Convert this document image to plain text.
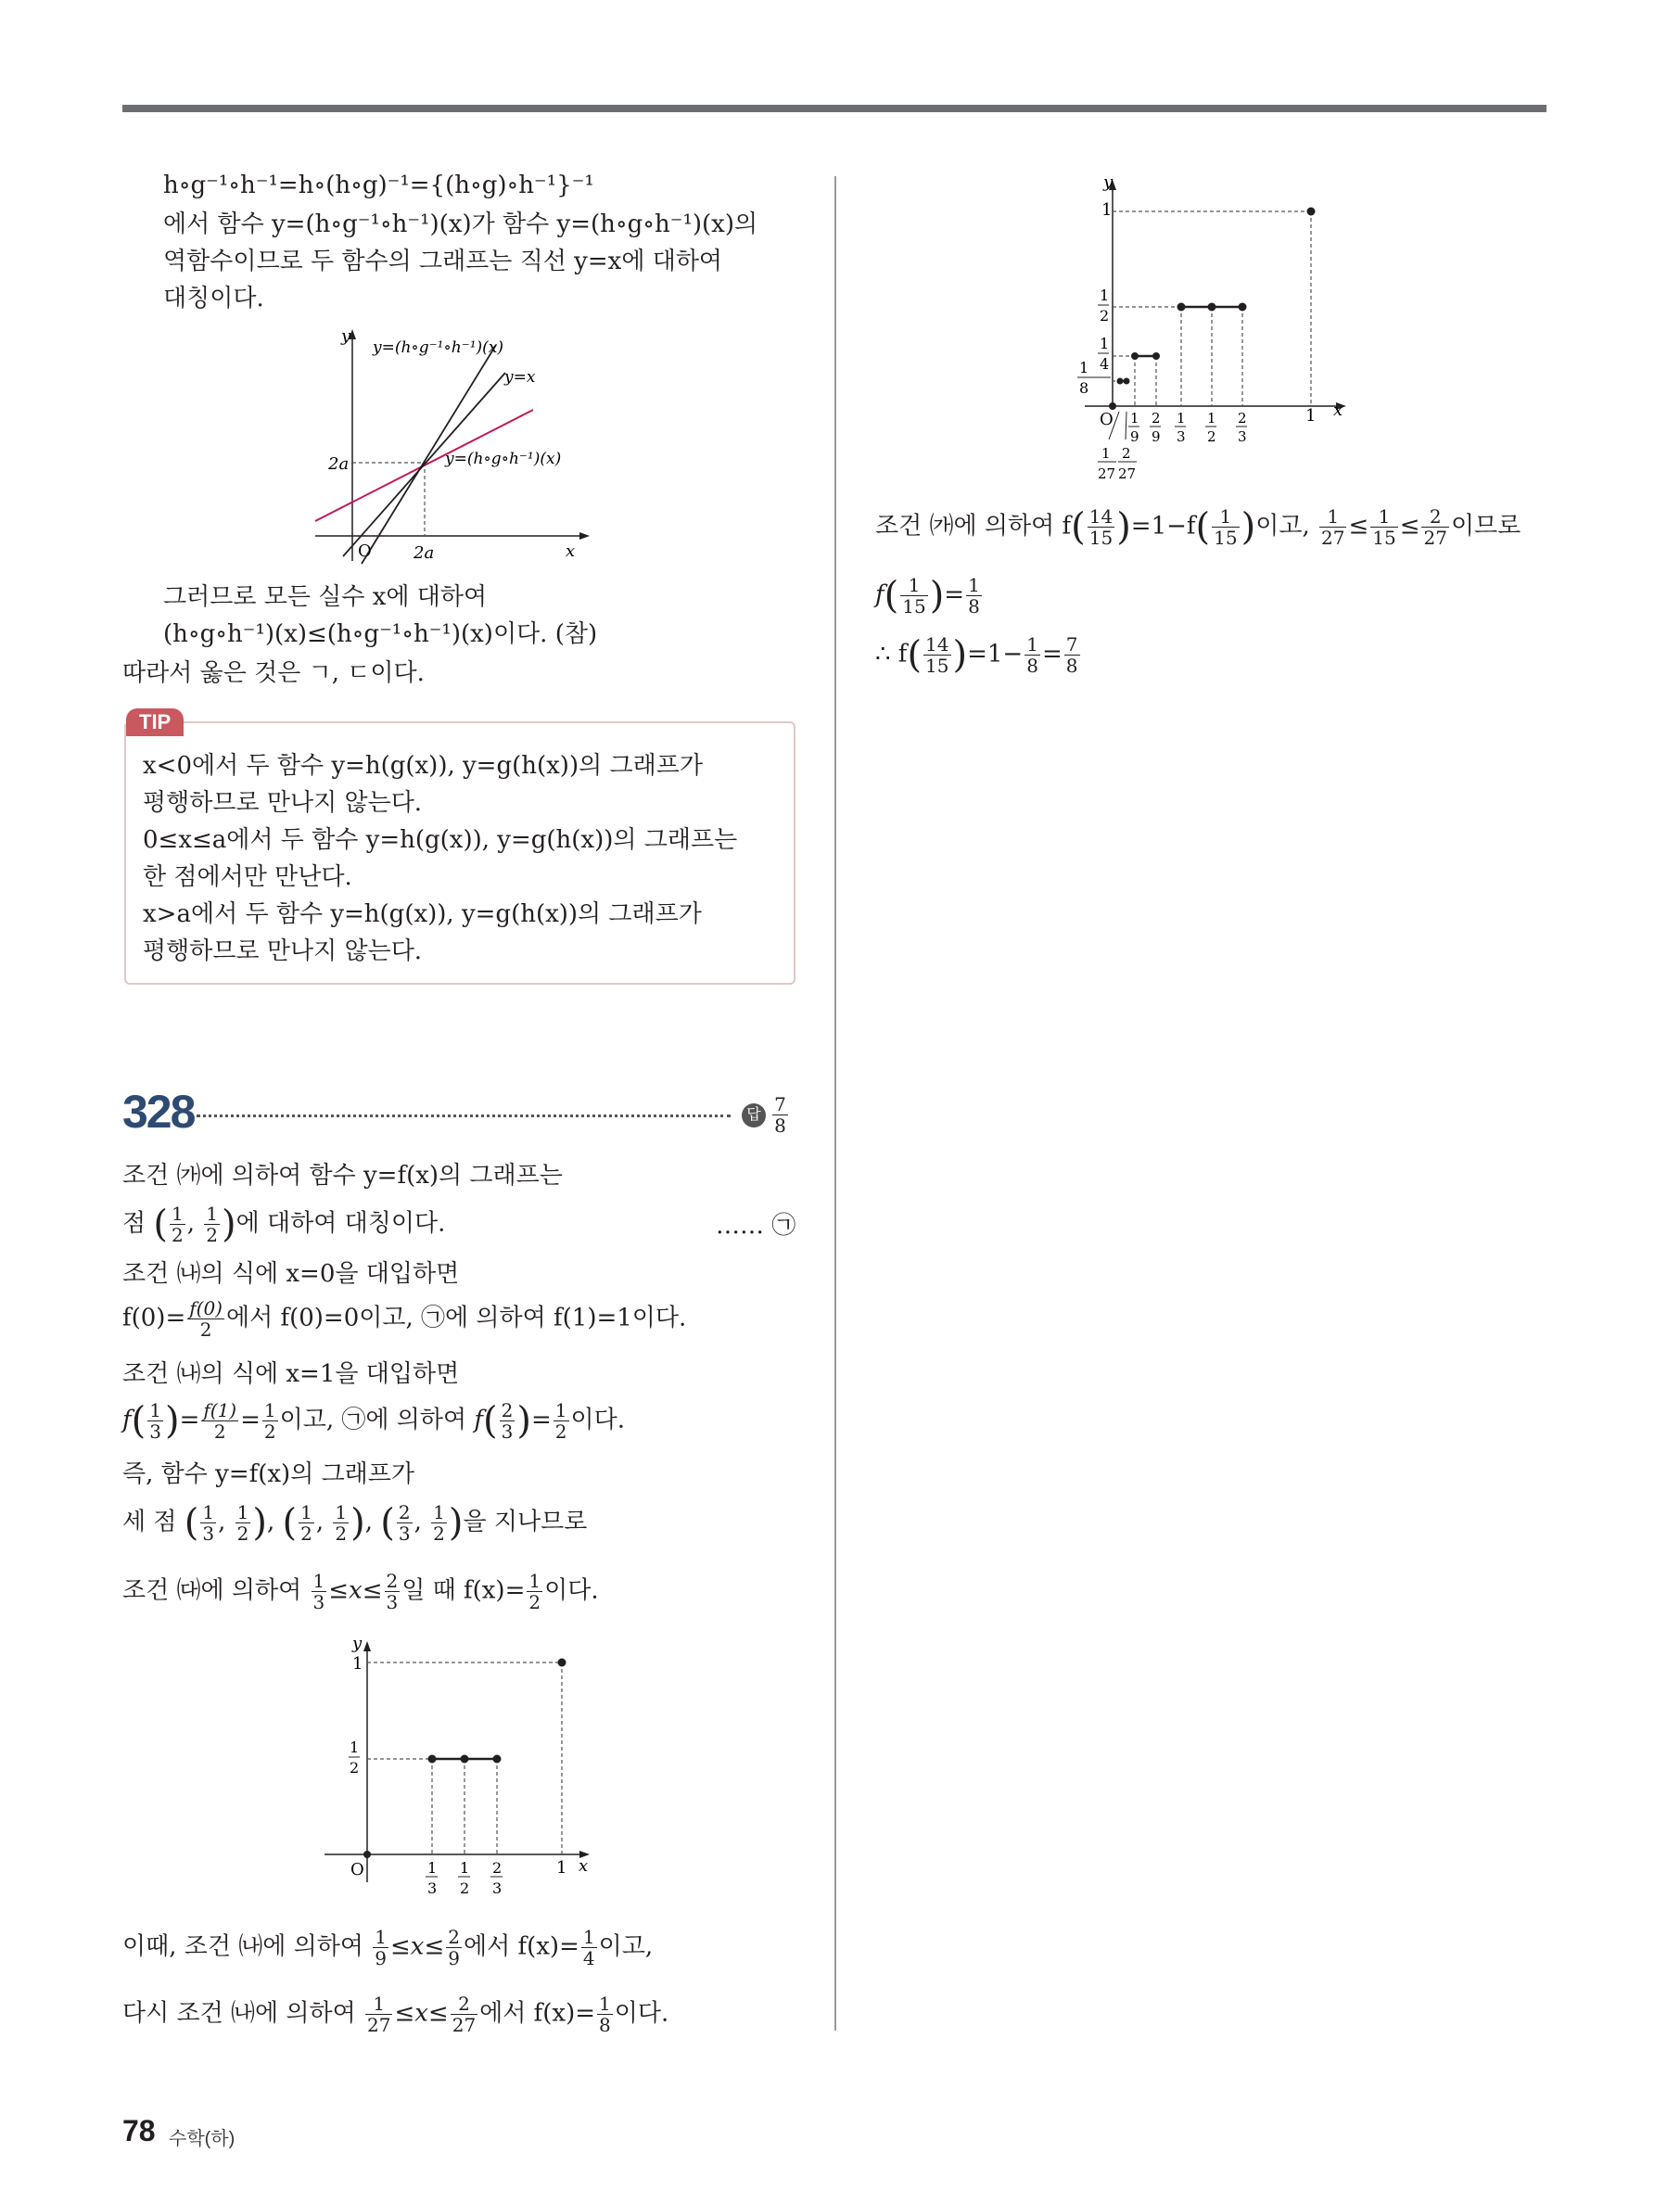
h∘g⁻¹∘h⁻¹=h∘(h∘g)⁻¹={(h∘g)∘h⁻¹}⁻¹
에서 함수 y=(h∘g⁻¹∘h⁻¹)(x)가 함수 y=(h∘g∘h⁻¹)(x)의
역함수이므로 두 함수의 그래프는 직선 y=x에 대하여
대칭이다.
y
x
O
2a
2a
y=(h∘g⁻¹∘h⁻¹)(x)
y=x
y=(h∘g∘h⁻¹)(x)
그러므로 모든 실수 x에 대하여
(h∘g∘h⁻¹)(x)≤(h∘g⁻¹∘h⁻¹)(x)이다. (참)
따라서 옳은 것은 ㄱ, ㄷ이다.
TIP
x<0에서 두 함수 y=h(g(x)), y=g(h(x))의 그래프가
평행하므로 만나지 않는다.
0≤x≤a에서 두 함수 y=h(g(x)), y=g(h(x))의 그래프는
한 점에서만 만난다.
x>a에서 두 함수 y=h(g(x)), y=g(h(x))의 그래프가
평행하므로 만나지 않는다.
328	답 $\frac{7}{8}$
조건 ㈎에 의하여 함수 y=f(x)의 그래프는
점 ( $\frac{1}{2}$ , $\frac{1}{2}$ )에 대하여 대칭이다.	…… ㉠
조건 ㈏의 식에 x=0을 대입하면
$f(0)= \frac{f(0)}{2}$ 에서 f(0)=0이고, ㉠에 의하여 f(1)=1이다.
조건 ㈏의 식에 x=1을 대입하면
$f( \frac{1}{3}$ )= $\frac{f(1)}{2} = \frac{1}{2}$ 이고, ㉠에 의하여 $f( \frac{2}{3}$ )= $\frac{1}{2}$ 이다.
즉, 함수 y=f(x)의 그래프가
세 점 ( $\frac{1}{3}$ , $\frac{1}{2}$ ), ( $\frac{1}{2}$ , $\frac{1}{2}$ ), ( $\frac{2}{3}$ , $\frac{1}{2}$ )을 지나므로
조건 ㈐에 의하여 $\frac{1}{3} \le x\le \frac{2}{3}$ 일 때 $f(x)= \frac{1}{2}$ 이다.
y
x
O
1
1
2
1
3
1
2
2
3
1
이때, 조건 ㈏에 의하여 $\frac{1}{9} \le x\le \frac{2}{9}$ 에서 $f(x)= \frac{1}{4}$ 이고,
다시 조건 ㈏에 의하여 $\frac{1}{27} \le x\le \frac{2}{27}$ 에서 $f(x)= \frac{1}{8}$ 이다.
y
x
1
1
2
1
4
1
8
O 1
9
2
9
1
3
1
2
2
3
1
1
27
2
27
조건 ㈎에 의하여 $f( \frac{14}{15} )=1-f( \frac{1}{15}$ )이고, $\frac{1}{27} \le \frac{1}{15} \le \frac{2}{27}$ 이므로
$f( \frac{1}{15}$ )= $\frac{1}{8}$
∴ $f( \frac{14}{15} )=1- \frac{1}{8} = \frac{7}{8}$
78 수학(하)
